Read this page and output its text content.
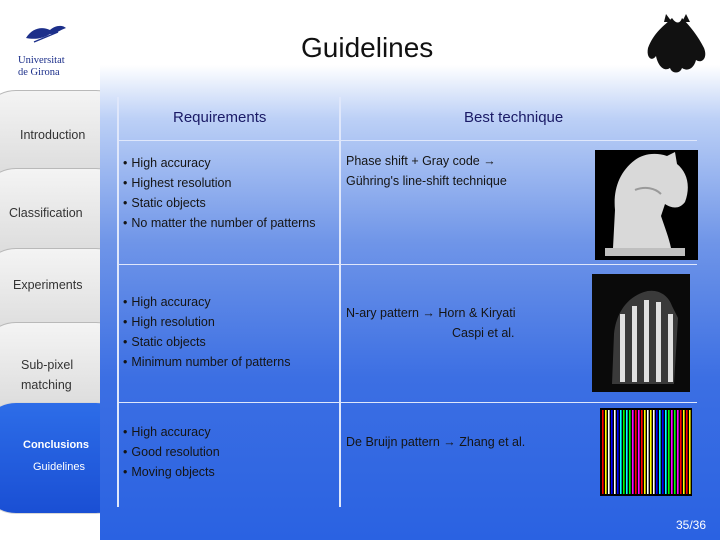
Universitat
de Girona
Introduction
Classification
Experiments
Sub-pixel matching
Conclusions
Guidelines
Guidelines
Requirements	Best technique
• High accuracy
• Highest resolution
• Static objects
• No matter the number of patterns
Phase shift + Gray code →
Gühring's line-shift technique
• High accuracy
• High resolution
• Static objects
• Minimum number of patterns
N-ary pattern → Horn & Kiryati
Caspi et al.
• High accuracy
• Good resolution
• Moving objects
De Bruijn pattern → Zhang et al.
35/36
